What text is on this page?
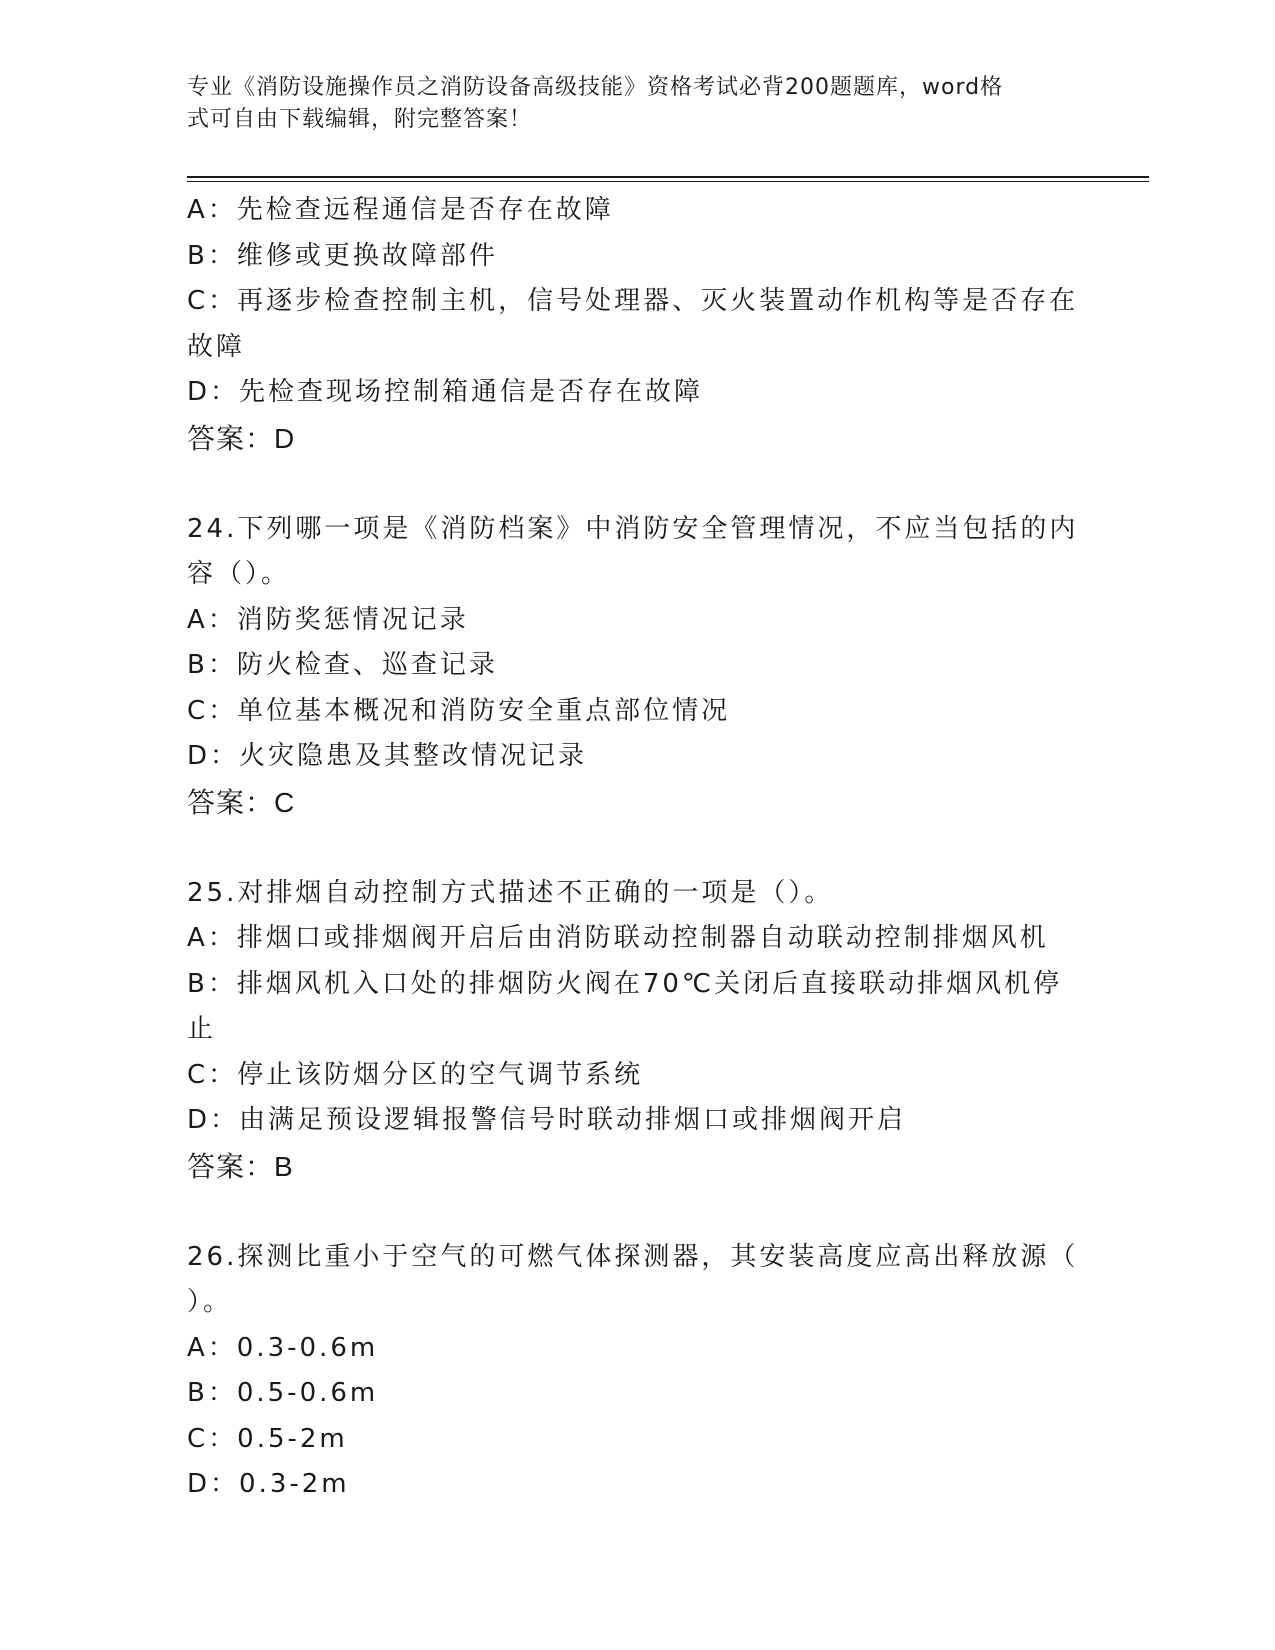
专业《消防设施操作员之消防设备高级技能》资格考试必背200题题库，word格
式可自由下载编辑，附完整答案！

A：先检查远程通信是否存在故障

B：维修或更换故障部件

C：再逐步检查控制主机，信号处理器、灭火装置动作机构等是否存在

故障

D：先检查现场控制箱通信是否存在故障

答案：D

24.下列哪一项是《消防档案》中消防安全管理情况，不应当包括的内

容（）。

A：消防奖惩情况记录

B：防火检查、巡查记录

C：单位基本概况和消防安全重点部位情况

D：火灾隐患及其整改情况记录

答案：C

25.对排烟自动控制方式描述不正确的一项是（）。

A：排烟口或排烟阀开启后由消防联动控制器自动联动控制排烟风机

B：排烟风机入口处的排烟防火阀在70℃关闭后直接联动排烟风机停止

C：停止该防烟分区的空气调节系统

D：由满足预设逻辑报警信号时联动排烟口或排烟阀开启

答案：B

26.探测比重小于空气的可燃气体探测器，其安装高度应高出释放源（

）。

A：0.3-0.6m

B：0.5-0.6m

C：0.5-2m

D：0.3-2m
